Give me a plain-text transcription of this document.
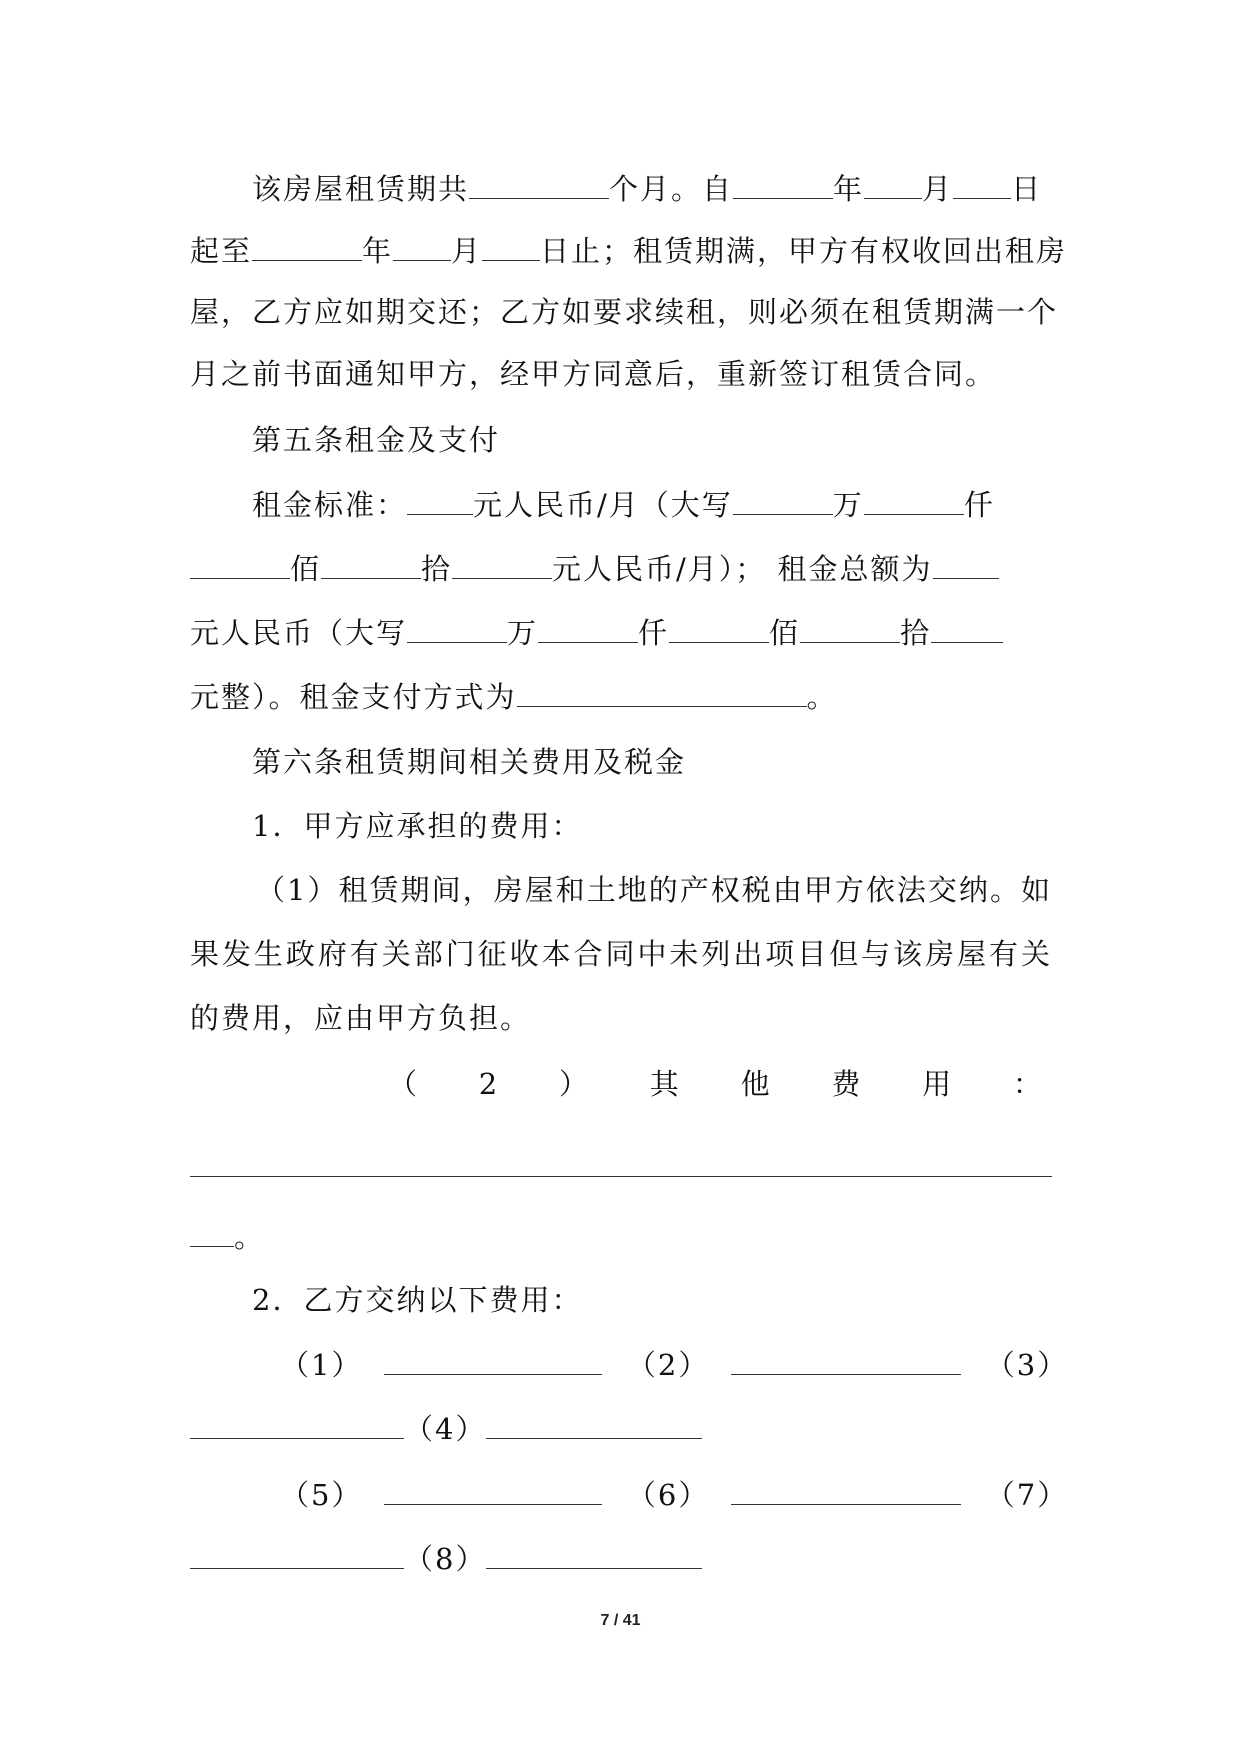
该房屋租赁期共	个月。自	年 月 日
起至	年 月 日止；租赁期满，甲方有权收回出租房
屋，乙方应如期交还；乙方如要求续租，则必须在租赁期满一个
月之前书面通知甲方，经甲方同意后，重新签订租赁合同。
第五条租金及支付
租金标准： 元人民币/月（大写	万	仟
佰	拾	元人民币/月）； 租金总额为
元人民币（大写	万	仟	佰	拾
元整）。租金支付方式为	。
第六条租赁期间相关费用及税金
1．甲方应承担的费用：
（1）租赁期间，房屋和土地的产权税由甲方依法交纳。如
果发生政府有关部门征收本合同中未列出项目但与该房屋有关
的费用，应由甲方负担。
（ 2 ） 其 他 费 用 ：
。
2．乙方交纳以下费用：
（1）	（2）	（3）
（4）
（5）	（6）	（7）
（8）
7 / 41
